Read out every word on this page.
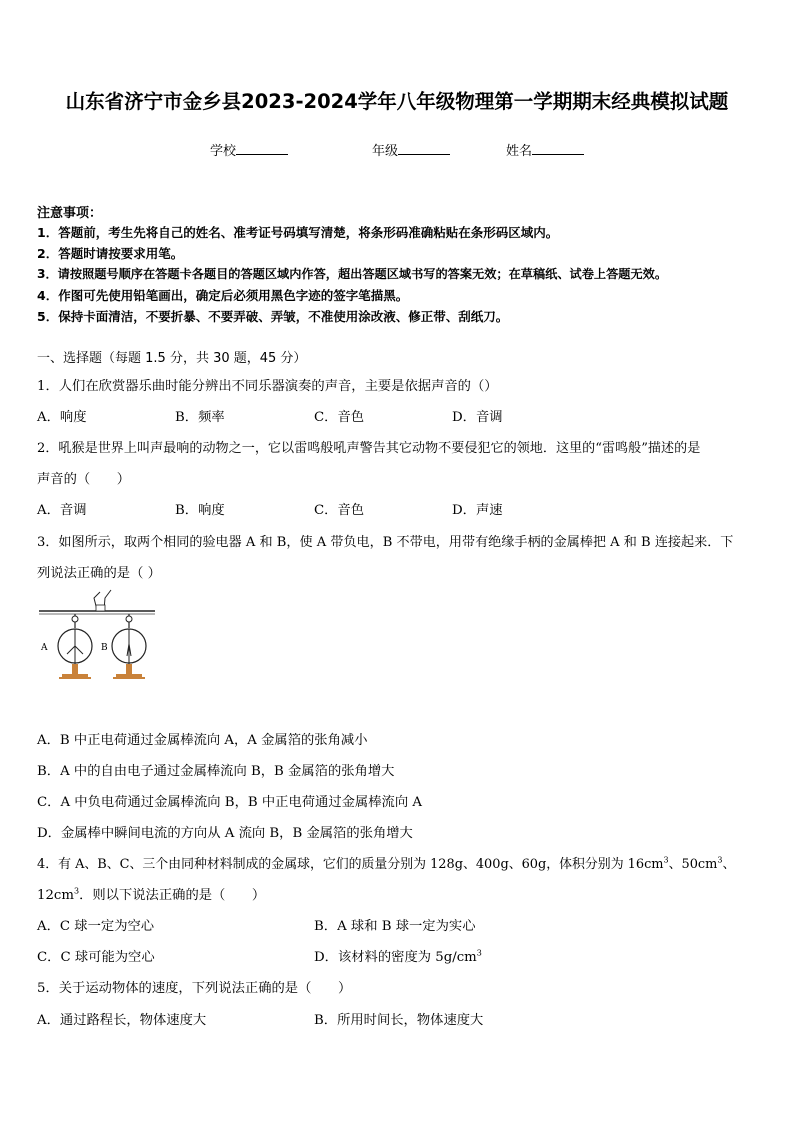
山东省济宁市金乡县2023-2024学年八年级物理第一学期期末经典模拟试题
学校	年级	姓名
注意事项：
1．答题前，考生先将自己的姓名、准考证号码填写清楚，将条形码准确粘贴在条形码区域内。
2．答题时请按要求用笔。
3．请按照题号顺序在答题卡各题目的答题区域内作答，超出答题区域书写的答案无效；在草稿纸、试卷上答题无效。
4．作图可先使用铅笔画出，确定后必须用黑色字迹的签字笔描黑。
5．保持卡面清洁，不要折暴、不要弄破、弄皱，不准使用涂改液、修正带、刮纸刀。
一、选择题（每题 1.5 分，共 30 题，45 分）
1．人们在欣赏器乐曲时能分辨出不同乐器演奏的声音，主要是依据声音的（）
A．响度	B．频率	C．音色	D．音调
2．吼猴是世界上叫声最响的动物之一，它以雷鸣般吼声警告其它动物不要侵犯它的领地．这里的“雷鸣般”描述的是
声音的（　　）
A．音调	B．响度	C．音色	D．声速
3．如图所示，取两个相同的验电器 A 和 B，使 A 带负电，B 不带电，用带有绝缘手柄的金属棒把 A 和 B 连接起来．下
列说法正确的是（ ）
A	B
A．B 中正电荷通过金属棒流向 A，A 金属箔的张角减小
B．A 中的自由电子通过金属棒流向 B，B 金属箔的张角增大
C．A 中负电荷通过金属棒流向 B，B 中正电荷通过金属棒流向 A
D．金属棒中瞬间电流的方向从 A 流向 B，B 金属箔的张角增大
4．有 A、B、C、三个由同种材料制成的金属球，它们的质量分别为 128g、400g、60g，体积分别为 $16cm^3$、$50cm^3$、
$12cm^3$．则以下说法正确的是（　　）
A．C 球一定为空心	B．A 球和 B 球一定为实心
C．C 球可能为空心	D．该材料的密度为 $5g/cm^3$
5．关于运动物体的速度，下列说法正确的是（　　）
A．通过路程长，物体速度大	B．所用时间长，物体速度大
